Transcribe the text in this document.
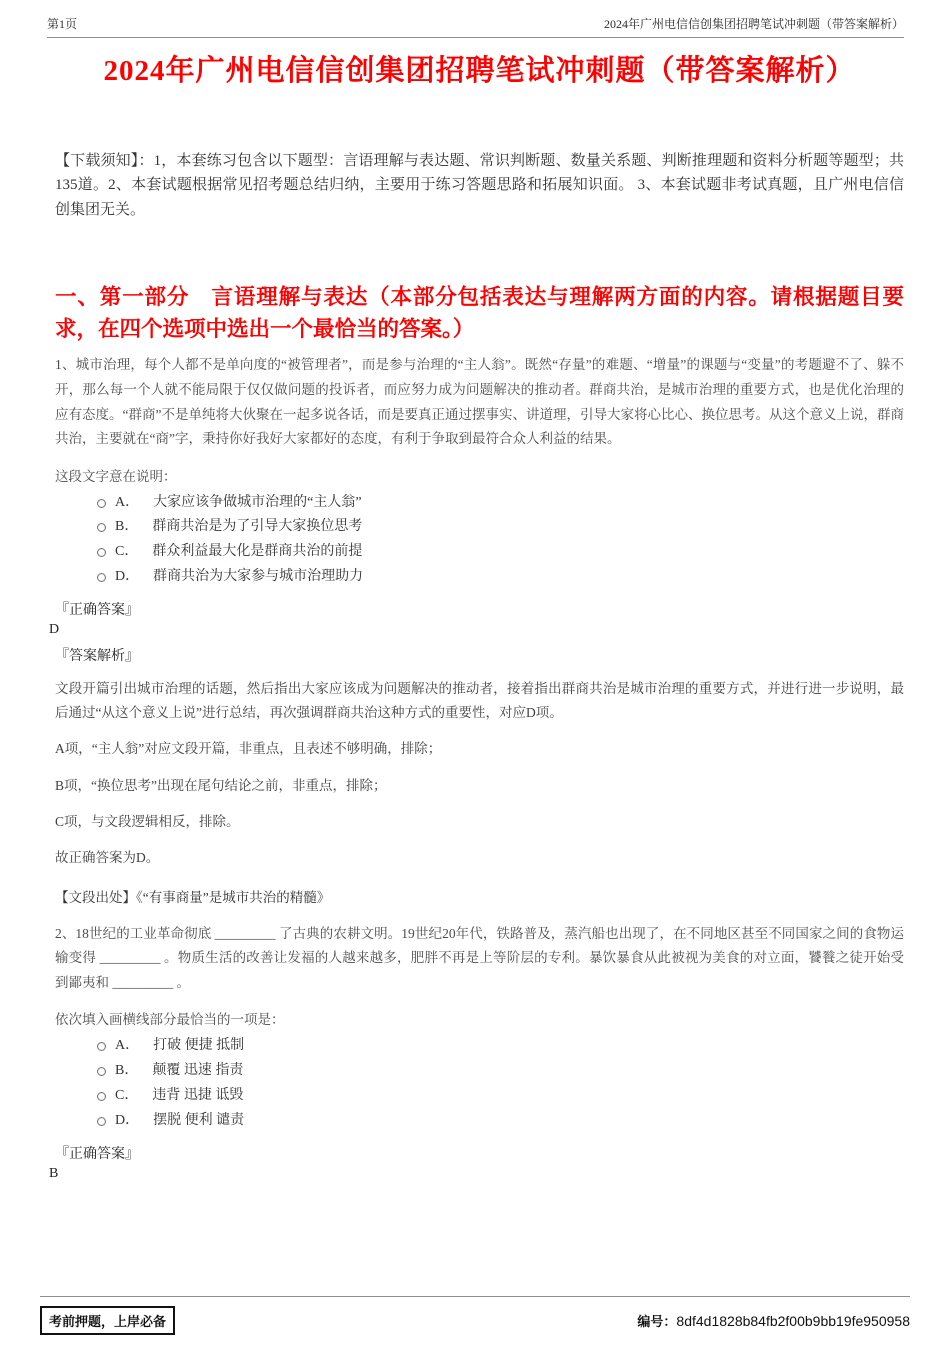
第1页	2024年广州电信信创集团招聘笔试冲刺题（带答案解析）
2024年广州电信信创集团招聘笔试冲刺题（带答案解析）

【下载须知】：1，本套练习包含以下题型：言语理解与表达题、常识判断题、数量关系题、判断推理题和资料分析题等题型；共135道。2、本套试题根据常见招考题总结归纳，主要用于练习答题思路和拓展知识面。 3、本套试题非考试真题，且广州电信信创集团无关。

一、第一部分　言语理解与表达（本部分包括表达与理解两方面的内容。请根据题目要求，在四个选项中选出一个最恰当的答案。）

1、城市治理，每个人都不是单向度的“被管理者”，而是参与治理的“主人翁”。既然“存量”的难题、“增量”的课题与“变量”的考题避不了、躲不开，那么每一个人就不能局限于仅仅做问题的投诉者，而应努力成为问题解决的推动者。群商共治，是城市治理的重要方式，也是优化治理的应有态度。“群商”不是单纯将大伙聚在一起多说各话，而是要真正通过摆事实、讲道理，引导大家将心比心、换位思考。从这个意义上说，群商共治，主要就在“商”字，秉持你好我好大家都好的态度，有利于争取到最符合众人利益的结果。

这段文字意在说明：

A． 大家应该争做城市治理的“主人翁”
B． 群商共治是为了引导大家换位思考
C． 群众利益最大化是群商共治的前提
D． 群商共治为大家参与城市治理助力

『正确答案』

D

『答案解析』

文段开篇引出城市治理的话题，然后指出大家应该成为问题解决的推动者，接着指出群商共治是城市治理的重要方式，并进行进一步说明，最后通过“从这个意义上说”进行总结，再次强调群商共治这种方式的重要性，对应D项。

A项，“主人翁”对应文段开篇，非重点，且表述不够明确，排除；

B项，“换位思考”出现在尾句结论之前，非重点，排除；

C项，与文段逻辑相反，排除。

故正确答案为D。

【文段出处】《“有事商量”是城市共治的精髓》

2、18世纪的工业革命彻底 _________ 了古典的农耕文明。19世纪20年代，铁路普及，蒸汽船也出现了，在不同地区甚至不同国家之间的食物运输变得 _________ 。物质生活的改善让发福的人越来越多，肥胖不再是上等阶层的专利。暴饮暴食从此被视为美食的对立面，饕餮之徒开始受到鄙夷和 _________ 。

依次填入画横线部分最恰当的一项是：

A． 打破 便捷 抵制
B． 颠覆 迅速 指责
C． 违背 迅捷 诋毁
D． 摆脱 便利 谴责

『正确答案』

B

考前押题，上岸必备	编号：8df4d1828b84fb2f00b9bb19fe950958
